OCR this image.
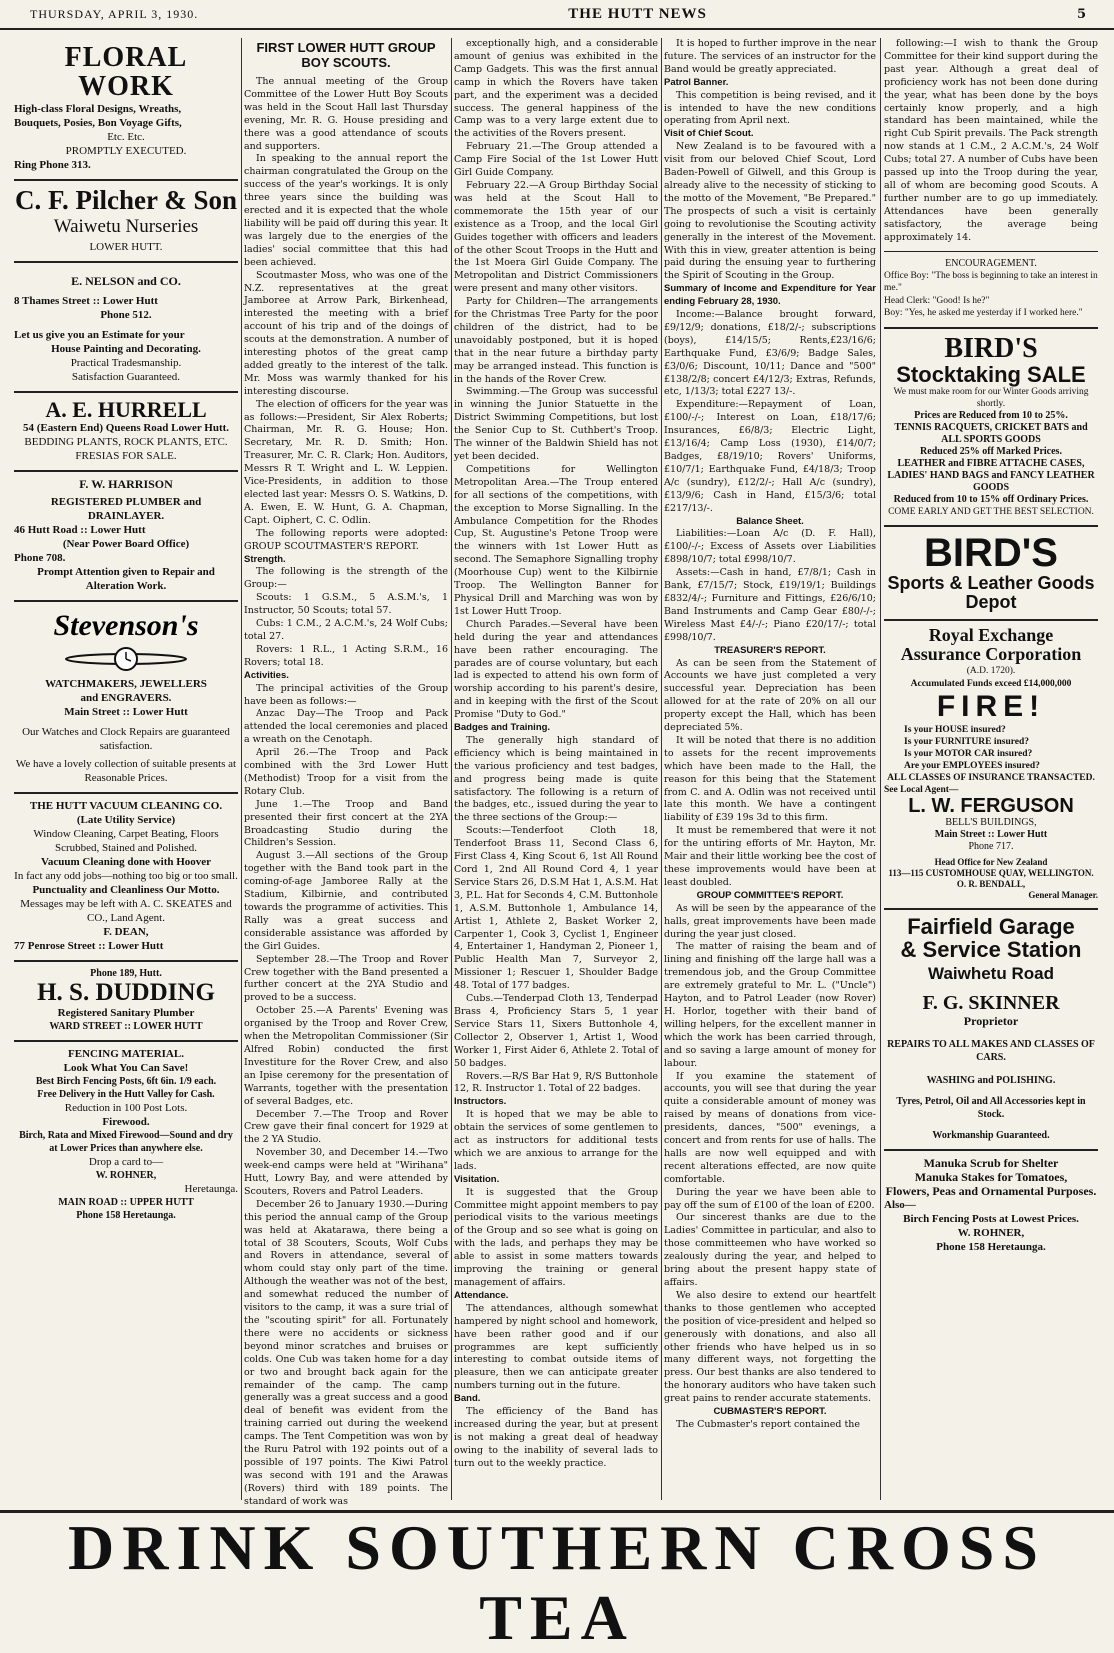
THURSDAY, APRIL 3, 1930.	THE HUTT NEWS	5
FLORAL WORK
High-class Floral Designs, Wreaths,
Bouquets, Posies, Bon Voyage Gifts,
Etc. Etc.
PROMPTLY EXECUTED.
Ring Phone 313.
C. F. Pilcher & Son
Waiwetu Nurseries
LOWER HUTT.
E. NELSON and CO.
8 Thames Street :: Lower Hutt
Phone 512.
Let us give you an Estimate for your
House Painting and Decorating.
Practical Tradesmanship.
Satisfaction Guaranteed.
A. E. HURRELL
54 (Eastern End) Queens Road Lower Hutt.
BEDDING PLANTS, ROCK PLANTS, ETC.
FRESIAS FOR SALE.
F. W. HARRISON
REGISTERED PLUMBER and DRAINLAYER.
46 Hutt Road :: Lower Hutt
(Near Power Board Office)
Phone 708.
Prompt Attention given to Repair and Alteration Work.
Stevenson's
WATCHMAKERS, JEWELLERS
and ENGRAVERS.
Main Street :: Lower Hutt
Our Watches and Clock Repairs are guaranteed satisfaction.
We have a lovely collection of suitable presents at Reasonable Prices.
THE HUTT VACUUM CLEANING CO.
(Late Utility Service)
Window Cleaning, Carpet Beating, Floors Scrubbed, Stained and Polished.
Vacuum Cleaning done with Hoover
In fact any odd jobs—nothing too big or too small.
Punctuality and Cleanliness Our Motto.
Messages may be left with A. C. SKEATES and CO., Land Agent.
F. DEAN,
77 Penrose Street :: Lower Hutt
Phone 189, Hutt.
H. S. DUDDING
Registered Sanitary Plumber
WARD STREET :: LOWER HUTT
FENCING MATERIAL.
Look What You Can Save!
Best Birch Fencing Posts, 6ft 6in. 1/9 each.
Free Delivery in the Hutt Valley for Cash.
Reduction in 100 Post Lots.
Firewood.
Birch, Rata and Mixed Firewood—Sound and dry at Lower Prices than anywhere else.
Drop a card to—
W. ROHNER,
Heretaunga.
MAIN ROAD :: UPPER HUTT
Phone 158 Heretaunga.
FIRST LOWER HUTT GROUP BOY SCOUTS.

The annual meeting of the Group Committee of the Lower Hutt Boy Scouts was held in the Scout Hall last Thursday evening, Mr. R. G. House presiding and there was a good attendance of scouts and supporters.

In speaking to the annual report the chairman congratulated the Group on the success of the year's workings. It is only three years since the building was erected and it is expected that the whole liability will be paid off during this year. It was largely due to the energies of the ladies' social committee that this had been achieved.

Scoutmaster Moss, who was one of the N.Z. representatives at the great Jamboree at Arrow Park, Birkenhead, interested the meeting with a brief account of his trip and of the doings of scouts at the demonstration. A number of interesting photos of the great camp added greatly to the interest of the talk. Mr. Moss was warmly thanked for his interesting discourse.

The election of officers for the year was as follows:—President, Sir Alex Roberts; Chairman, Mr. R. G. House; Hon. Secretary, Mr. R. D. Smith; Hon. Treasurer, Mr. C. R. Clark; Hon. Auditors, Messrs R T. Wright and L. W. Leppien. Vice-Presidents, in addition to those elected last year: Messrs O. S. Watkins, D. A. Ewen, E. W. Hunt, G. A. Chapman, Capt. Oiphert, C. C. Odlin.

The following reports were adopted: GROUP SCOUTMASTER'S REPORT.

Strength.

The following is the strength of the Group:—

Scouts: 1 G.S.M., 5 A.S.M.'s, 1 Instructor, 50 Scouts; total 57.

Cubs: 1 C.M., 2 A.C.M.'s, 24 Wolf Cubs; total 27.

Rovers: 1 R.L., 1 Acting S.R.M., 16 Rovers; total 18.

Activities.

The principal activities of the Group have been as follows:—

Anzac Day—The Troop and Pack attended the local ceremonies and placed a wreath on the Cenotaph.

April 26.—The Troop and Pack combined with the 3rd Lower Hutt (Methodist) Troop for a visit from the Rotary Club.

June 1.—The Troop and Band presented their first concert at the 2YA Broadcasting Studio during the Children's Session.

August 3.—All sections of the Group together with the Band took part in the coming-of-age Jamboree Rally at the Stadium, Kilbirnie, and contributed towards the programme of activities. This Rally was a great success and considerable assistance was afforded by the Girl Guides.

September 28.—The Troop and Rover Crew together with the Band presented a further concert at the 2YA Studio and proved to be a success.

October 25.—A Parents' Evening was organised by the Troop and Rover Crew, when the Metropolitan Commissioner (Sir Alfred Robin) conducted the first Investiture for the Rover Crew, and also an Ipise ceremony for the presentation of Warrants, together with the presentation of several Badges, etc.

December 7.—The Troop and Rover Crew gave their final concert for 1929 at the 2 YA Studio.

November 30, and December 14.—Two week-end camps were held at "Wirihana" Hutt, Lowry Bay, and were attended by Scouters, Rovers and Patrol Leaders.

December 26 to January 1930.—During this period the annual camp of the Group was held at Akatarawa, there being a total of 38 Scouters, Scouts, Wolf Cubs and Rovers in attendance, several of whom could stay only part of the time. Although the weather was not of the best, and somewhat reduced the number of visitors to the camp, it was a sure trial of the "scouting spirit" for all. Fortunately there were no accidents or sickness beyond minor scratches and bruises or colds. One Cub was taken home for a day or two and brought back again for the remainder of the camp. The camp generally was a great success and a good deal of benefit was evident from the training carried out during the weekend camps. The Tent Competition was won by the Ruru Patrol with 192 points out of a possible of 197 points. The Kiwi Patrol was second with 191 and the Arawas (Rovers) third with 189 points. The standard of work was

exceptionally high, and a considerable amount of genius was exhibited in the Camp Gadgets. This was the first annual camp in which the Rovers have taken part, and the experiment was a decided success. The general happiness of the Camp was to a very large extent due to the activities of the Rovers present.

February 21.—The Group attended a Camp Fire Social of the 1st Lower Hutt Girl Guide Company.

February 22.—A Group Birthday Social was held at the Scout Hall to commemorate the 15th year of our existence as a Troop, and the local Girl Guides together with officers and leaders of the other Scout Troops in the Hutt and the 1st Moera Girl Guide Company. The Metropolitan and District Commissioners were present and many other visitors.

Party for Children—The arrangements for the Christmas Tree Party for the poor children of the district, had to be unavoidably postponed, but it is hoped that in the near future a birthday party may be arranged instead. This function is in the hands of the Rover Crew.

Swimming.—The Group was successful in winning the Junior Statuette in the District Swimming Competitions, but lost the Senior Cup to St. Cuthbert's Troop. The winner of the Baldwin Shield has not yet been decided.

Competitions for Wellington Metropolitan Area.—The Troup entered for all sections of the competitions, with the exception to Morse Signalling. In the Ambulance Competition for the Rhodes Cup, St. Augustine's Petone Troop were the winners with 1st Lower Hutt as second. The Semaphore Signalling trophy (Moorhouse Cup) went to the Kilbirnie Troop. The Wellington Banner for Physical Drill and Marching was won by 1st Lower Hutt Troop.

Church Parades.—Several have been held during the year and attendances have been rather encouraging. The parades are of course voluntary, but each lad is expected to attend his own form of worship according to his parent's desire, and in keeping with the first of the Scout Promise "Duty to God."

Badges and Training.

The generally high standard of efficiency which is being maintained in the various proficiency and test badges, and progress being made is quite satisfactory. The following is a return of the badges, etc., issued during the year to the three sections of the Group:—

Scouts:—Tenderfoot Cloth 18, Tenderfoot Brass 11, Second Class 6, First Class 4, King Scout 6, 1st All Round Cord 1, 2nd All Round Cord 4, 1 year Service Stars 26, D.S.M Hat 1, A.S.M. Hat 3, P.L. Hat for Seconds 4, C.M. Buttonhole 1, A.S.M. Buttonhole 1, Ambulance 14, Artist 1, Athlete 2, Basket Worker 2, Carpenter 1, Cook 3, Cyclist 1, Engineer 4, Entertainer 1, Handyman 2, Pioneer 1, Public Health Man 7, Surveyor 2, Missioner 1; Rescuer 1, Shoulder Badge 48. Total of 177 badges.

Cubs.—Tenderpad Cloth 13, Tenderpad Brass 4, Proficiency Stars 5, 1 year Service Stars 11, Sixers Buttonhole 4, Collector 2, Observer 1, Artist 1, Wood Worker 1, First Aider 6, Athlete 2. Total of 50 badges.

Rovers.—R/S Bar Hat 9, R/S Buttonhole 12, R. Instructor 1. Total of 22 badges.

Instructors.

It is hoped that we may be able to obtain the services of some gentlemen to act as instructors for additional tests which we are anxious to arrange for the lads.

Visitation.

It is suggested that the Group Committee might appoint members to pay periodical visits to the various meetings of the Group and so see what is going on with the lads, and perhaps they may be able to assist in some matters towards improving the training or general management of affairs.

Attendance.

The attendances, although somewhat hampered by night school and homework, have been rather good and if our programmes are kept sufficiently interesting to combat outside items of pleasure, then we can anticipate greater numbers turning out in the future.

Band.

The efficiency of the Band has increased during the year, but at present is not making a great deal of headway owing to the inability of several lads to turn out to the weekly practice.

It is hoped to further improve in the near future. The services of an instructor for the Band would be greatly appreciated.

Patrol Banner.

This competition is being revised, and it is intended to have the new conditions operating from April next.

Visit of Chief Scout.

New Zealand is to be favoured with a visit from our beloved Chief Scout, Lord Baden-Powell of Gilwell, and this Group is already alive to the necessity of sticking to the motto of the Movement, "Be Prepared." The prospects of such a visit is certainly going to revolutionise the Scouting activity generally in the interest of the Movement. With this in view, greater attention is being paid during the ensuing year to furthering the Spirit of Scouting in the Group.

Summary of Income and Expenditure for Year ending February 28, 1930.

Income:—Balance brought forward, £9/12/9; donations, £18/2/-; subscriptions (boys), £14/15/5; Rents,£23/16/6; Earthquake Fund, £3/6/9; Badge Sales, £3/0/6; Discount, 10/11; Dance and "500" £138/2/8; concert £4/12/3; Extras, Refunds, etc, 1/13/3; total £227 13/-.

Expenditure:—Repayment of Loan, £100/-/-; Interest on Loan, £18/17/6; Insurances, £6/8/3; Electric Light, £13/16/4; Camp Loss (1930), £14/0/7; Badges, £8/19/10; Rovers' Uniforms, £10/7/1; Earthquake Fund, £4/18/3; Troop A/c (sundry), £12/2/-; Hall A/c (sundry), £13/9/6; Cash in Hand, £15/3/6; total £217/13/-.

Balance Sheet.

Liabilities:—Loan A/c (D. F. Hall), £100/-/-; Excess of Assets over Liabilities £898/10/7; total £998/10/7.

Assets:—Cash in hand, £7/8/1; Cash in Bank, £7/15/7; Stock, £19/19/1; Buildings £832/4/-; Furniture and Fittings, £26/6/10; Band Instruments and Camp Gear £80/-/-; Wireless Mast £4/-/-; Piano £20/17/-; total £998/10/7.

TREASURER'S REPORT.

As can be seen from the Statement of Accounts we have just completed a very successful year. Depreciation has been allowed for at the rate of 20% on all our property except the Hall, which has been depreciated 5%.

It will be noted that there is no addition to assets for the recent improvements which have been made to the Hall, the reason for this being that the Statement from C. and A. Odlin was not received until late this month. We have a contingent liability of £39 19s 3d to this firm.

It must be remembered that were it not for the untiring efforts of Mr. Hayton, Mr. Mair and their little working bee the cost of these improvements would have been at least doubled.

GROUP COMMITTEE'S REPORT.

As will be seen by the appearance of the halls, great improvements have been made during the year just closed.

The matter of raising the beam and of lining and finishing off the large hall was a tremendous job, and the Group Committee are extremely grateful to Mr. L. ("Uncle") Hayton, and to Patrol Leader (now Rover) H. Horlor, together with their band of willing helpers, for the excellent manner in which the work has been carried through, and so saving a large amount of money for labour.

If you examine the statement of accounts, you will see that during the year quite a considerable amount of money was raised by means of donations from vice-presidents, dances, "500" evenings, a concert and from rents for use of halls. The halls are now well equipped and with recent alterations effected, are now quite comfortable.

During the year we have been able to pay off the sum of £100 of the loan of £200.

Our sincerest thanks are due to the Ladies' Committee in particular, and also to those committeemen who have worked so zealously during the year, and helped to bring about the present happy state of affairs.

We also desire to extend our heartfelt thanks to those gentlemen who accepted the position of vice-president and helped so generously with donations, and also all other friends who have helped us in so many different ways, not forgetting the press. Our best thanks are also tendered to the honorary auditors who have taken such great pains to render accurate statements.

CUBMASTER'S REPORT.

The Cubmaster's report contained the

following:—I wish to thank the Group Committee for their kind support during the past year. Although a great deal of proficiency work has not been done during the year, what has been done by the boys certainly know properly, and a high standard has been maintained, while the right Cub Spirit prevails. The Pack strength now stands at 1 C.M., 2 A.C.M.'s, 24 Wolf Cubs; total 27. A number of Cubs have been passed up into the Troop during the year, all of whom are becoming good Scouts. A further number are to go up immediately. Attendances have been generally satisfactory, the average being approximately 14.

ENCOURAGEMENT.
Office Boy: "The boss is beginning to take an interest in me."
Head Clerk: "Good! Is he?"
Boy: "Yes, he asked me yesterday if I worked here."
BIRD'S
Stocktaking SALE
We must make room for our Winter Goods arriving shortly.
Prices are Reduced from 10 to 25%.
TENNIS RACQUETS, CRICKET BATS and ALL SPORTS GOODS
Reduced 25% off Marked Prices.
LEATHER and FIBRE ATTACHE CASES, LADIES' HAND BAGS and FANCY LEATHER GOODS
Reduced from 10 to 15% off Ordinary Prices.
COME EARLY AND GET THE BEST SELECTION.
BIRD'S
Sports & Leather Goods
Depot
Royal Exchange
Assurance Corporation
(A.D. 1720).
Accumulated Funds exceed £14,000,000
FIRE!
Is your HOUSE insured?
Is your FURNITURE insured?
Is your MOTOR CAR insured?
Are your EMPLOYEES insured?
ALL CLASSES OF INSURANCE TRANSACTED.
See Local Agent—
L. W. FERGUSON
BELL'S BUILDINGS,
Main Street :: Lower Hutt
Phone 717.
Head Office for New Zealand
113—115 CUSTOMHOUSE QUAY, WELLINGTON.
O. R. BENDALL,
General Manager.
Fairfield Garage
& Service Station
Waiwhetu Road
F. G. SKINNER
Proprietor
REPAIRS TO ALL MAKES AND CLASSES OF CARS.
WASHING and POLISHING.
Tyres, Petrol, Oil and All Accessories kept in Stock.
Workmanship Guaranteed.
Manuka Scrub for Shelter
Manuka Stakes for Tomatoes,
Flowers, Peas and Ornamental Purposes.
Also—
Birch Fencing Posts at Lowest Prices.
W. ROHNER,
Phone 158 Heretaunga.
DRINK SOUTHERN CROSS TEA
